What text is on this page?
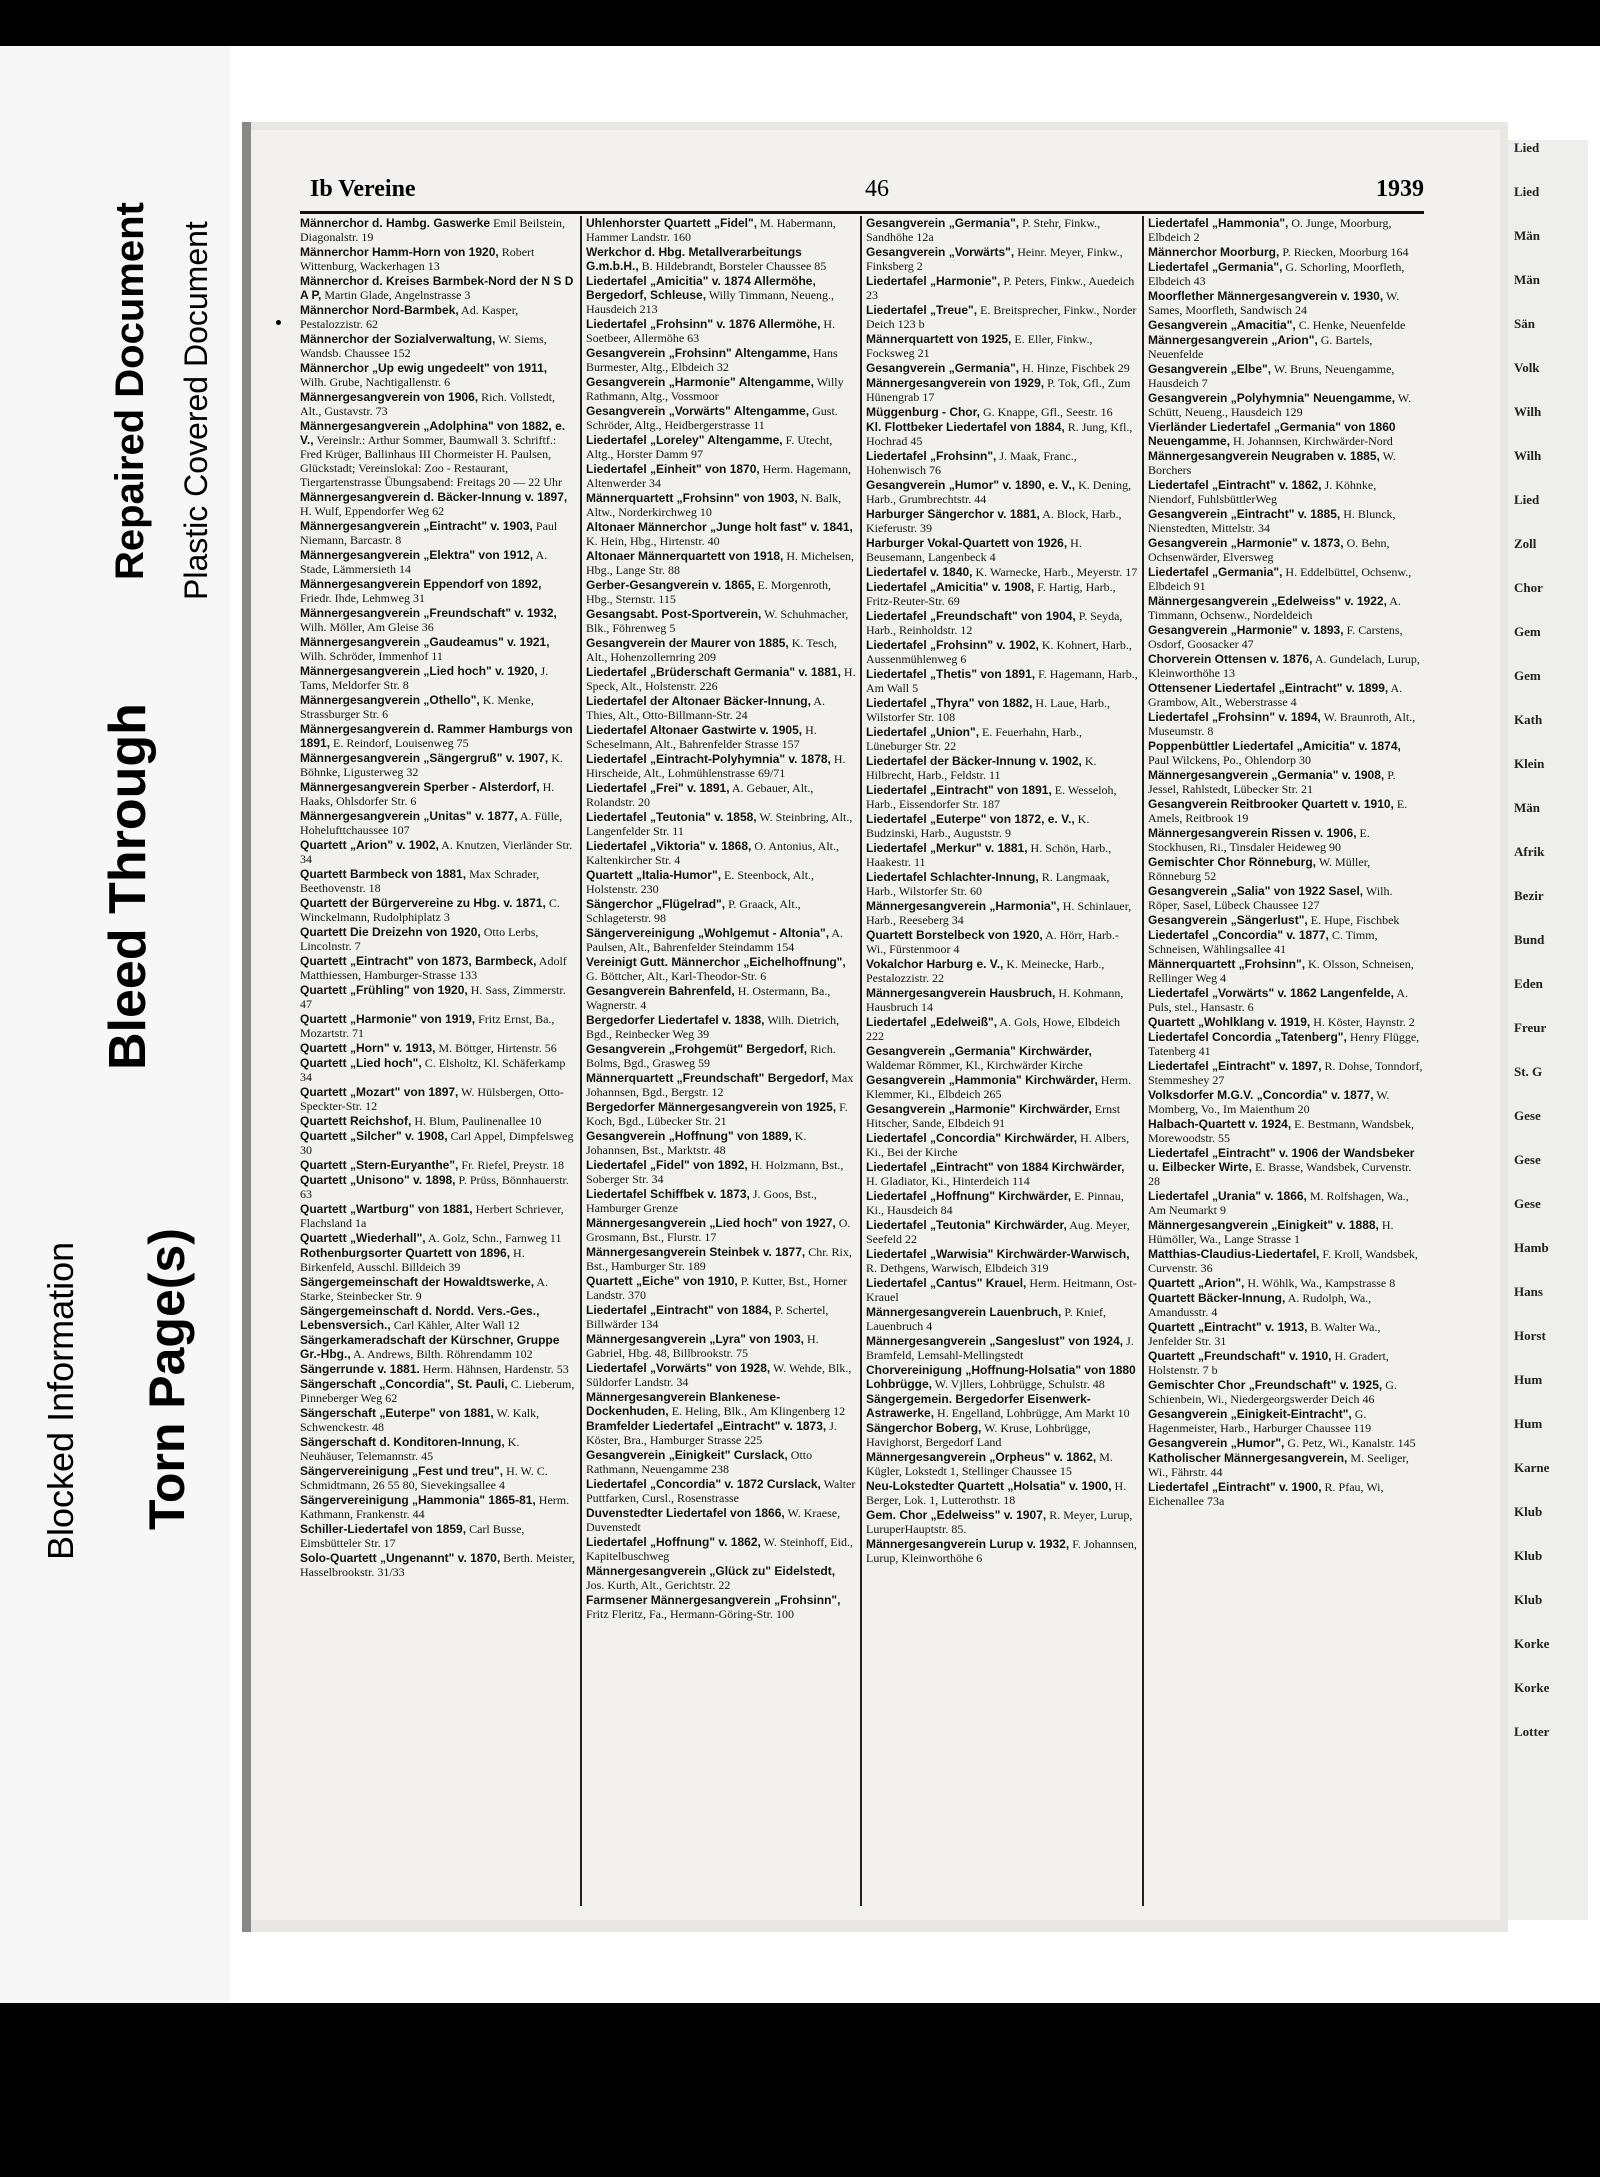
Blocked Information
Bleed Through
Torn Page(s)
Repaired Document Plastic Covered Document
Lied
Lied
Män
Män
Sän
Volk
Wilh
Wilh
Lied
Zoll
Chor
Gem
Gem
Kath
Klein
Män
Afrik
Bezir
Bund
Eden
Freur
St. G
Gese
Gese
Gese
Hamb
Hans
Horst
Hum
Hum
Karne
Klub
Klub
Klub
Korke
Korke
Lotter
Ib Vereine	46	1939
Männerchor d. Hambg. Gaswerke Emil Beilstein, Diagonalstr. 19
Männerchor Hamm-Horn von 1920, Robert Wittenburg, Wackerhagen 13
Männerchor d. Kreises Barmbek-Nord der N S D A P, Martin Glade, Angelnstrasse 3
Männerchor Nord-Barmbek, Ad. Kasper, Pestalozzistr. 62
Männerchor der Sozialverwaltung, W. Siems, Wandsb. Chaussee 152
Männerchor „Up ewig ungedeelt" von 1911, Wilh. Grube, Nachtigallenstr. 6
Männergesangverein von 1906, Rich. Vollstedt, Alt., Gustavstr. 73
Männergesangverein „Adolphina" von 1882, e. V., Vereinslr.: Arthur Sommer, Baumwall 3. Schriftf.: Fred Krüger, Ballinhaus III Chormeister H. Paulsen, Glückstadt; Vereinslokal: Zoo - Restaurant, Tiergartenstrasse Übungsabend: Freitags 20 — 22 Uhr
Männergesangverein d. Bäcker-Innung v. 1897, H. Wulf, Eppendorfer Weg 62
Männergesangverein „Eintracht" v. 1903, Paul Niemann, Barcastr. 8
Männergesangverein „Elektra" von 1912, A. Stade, Lämmersieth 14
Männergesangverein Eppendorf von 1892, Friedr. Ihde, Lehmweg 31
Männergesangverein „Freundschaft" v. 1932, Wilh. Möller, Am Gleise 36
Männergesangverein „Gaudeamus" v. 1921, Wilh. Schröder, Immenhof 11
Männergesangverein „Lied hoch" v. 1920, J. Tams, Meldorfer Str. 8
Männergesangverein „Othello", K. Menke, Strassburger Str. 6
Männergesangverein d. Rammer Hamburgs von 1891, E. Reindorf, Louisenweg 75
Männergesangverein „Sängergruß" v. 1907, K. Böhnke, Ligusterweg 32
Männergesangverein Sperber - Alsterdorf, H. Haaks, Ohlsdorfer Str. 6
Männergesangverein „Unitas" v. 1877, A. Fülle, Hohelufttchaussee 107
Quartett „Arion" v. 1902, A. Knutzen, Vierländer Str. 34
Quartett Barmbeck von 1881, Max Schrader, Beethovenstr. 18
Quartett der Bürgervereine zu Hbg. v. 1871, C. Winckelmann, Rudolphiplatz 3
Quartett Die Dreizehn von 1920, Otto Lerbs, Lincolnstr. 7
Quartett „Eintracht" von 1873, Barmbeck, Adolf Matthiessen, Hamburger-Strasse 133
Quartett „Frühling" von 1920, H. Sass, Zimmerstr. 47
Quartett „Harmonie" von 1919, Fritz Ernst, Ba., Mozartstr. 71
Quartett „Horn" v. 1913, M. Böttger, Hirtenstr. 56
Quartett „Lied hoch", C. Elsholtz, Kl. Schäferkamp 34
Quartett „Mozart" von 1897, W. Hülsbergen, Otto-Speckter-Str. 12
Quartett Reichshof, H. Blum, Paulinenallee 10
Quartett „Silcher" v. 1908, Carl Appel, Dimpfelsweg 30
Quartett „Stern-Euryanthe", Fr. Riefel, Preystr. 18
Quartett „Unisono" v. 1898, P. Prüss, Bönnhauerstr. 63
Quartett „Wartburg" von 1881, Herbert Schriever, Flachsland 1a
Quartett „Wiederhall", A. Golz, Schn., Farnweg 11
Rothenburgsorter Quartett von 1896, H. Birkenfeld, Ausschl. Billdeich 39
Sängergemeinschaft der Howaldtswerke, A. Starke, Steinbecker Str. 9
Sängergemeinschaft d. Nordd. Vers.-Ges., Lebensversich., Carl Kähler, Alter Wall 12
Sängerkameradschaft der Kürschner, Gruppe Gr.-Hbg., A. Andrews, Bilth. Röhrendamm 102
Sängerrunde v. 1881. Herm. Hähnsen, Hardenstr. 53
Sängerschaft „Concordia", St. Pauli, C. Lieberum, Pinneberger Weg 62
Sängerschaft „Euterpe" von 1881, W. Kalk, Schwenckestr. 48
Sängerschaft d. Konditoren-Innung, K. Neuhäuser, Telemannstr. 45
Sängervereinigung „Fest und treu", H. W. C. Schmidtmann, 26 55 80, Sievekingsallee 4
Sängervereinigung „Hammonia" 1865-81, Herm. Kathmann, Frankenstr. 44
Schiller-Liedertafel von 1859, Carl Busse, Eimsbütteler Str. 17
Solo-Quartett „Ungenannt" v. 1870, Berth. Meister, Hasselbrookstr. 31/33
Uhlenhorster Quartett „Fidel", M. Habermann, Hammer Landstr. 160
Werkchor d. Hbg. Metallverarbeitungs G.m.b.H., B. Hildebrandt, Borsteler Chaussee 85
Liedertafel „Amicitia" v. 1874 Allermöhe, Bergedorf, Schleuse, Willy Timmann, Neueng., Hausdeich 213
Liedertafel „Frohsinn" v. 1876 Allermöhe, H. Soetbeer, Allermöhe 63
Gesangverein „Frohsinn" Altengamme, Hans Burmester, Altg., Elbdeich 32
Gesangverein „Harmonie" Altengamme, Willy Rathmann, Altg., Vossmoor
Gesangverein „Vorwärts" Altengamme, Gust. Schröder, Altg., Heidbergerstrasse 11
Liedertafel „Loreley" Altengamme, F. Utecht, Altg., Horster Damm 97
Liedertafel „Einheit" von 1870, Herm. Hagemann, Altenwerder 34
Männerquartett „Frohsinn" von 1903, N. Balk, Altw., Norderkirchweg 10
Altonaer Männerchor „Junge holt fast" v. 1841, K. Hein, Hbg., Hirtenstr. 40
Altonaer Männerquartett von 1918, H. Michelsen, Hbg., Lange Str. 88
Gerber-Gesangverein v. 1865, E. Morgenroth, Hbg., Sternstr. 115
Gesangsabt. Post-Sportverein, W. Schuhmacher, Blk., Föhrenweg 5
Gesangverein der Maurer von 1885, K. Tesch, Alt., Hohenzollernring 209
Liedertafel „Brüderschaft Germania" v. 1881, H. Speck, Alt., Holstenstr. 226
Liedertafel der Altonaer Bäcker-Innung, A. Thies, Alt., Otto-Billmann-Str. 24
Liedertafel Altonaer Gastwirte v. 1905, H. Scheselmann, Alt., Bahrenfelder Strasse 157
Liedertafel „Eintracht-Polyhymnia" v. 1878, H. Hirscheide, Alt., Lohmühlenstrasse 69/71
Liedertafel „Frei" v. 1891, A. Gebauer, Alt., Rolandstr. 20
Liedertafel „Teutonia" v. 1858, W. Steinbring, Alt., Langenfelder Str. 11
Liedertafel „Viktoria" v. 1868, O. Antonius, Alt., Kaltenkircher Str. 4
Quartett „Italia-Humor", E. Steenbock, Alt., Holstenstr. 230
Sängerchor „Flügelrad", P. Graack, Alt., Schlageterstr. 98
Sängervereinigung „Wohlgemut - Altonia", A. Paulsen, Alt., Bahrenfelder Steindamm 154
Vereinigt Gutt. Männerchor „Eichelhoffnung", G. Böttcher, Alt., Karl-Theodor-Str. 6
Gesangverein Bahrenfeld, H. Ostermann, Ba., Wagnerstr. 4
Bergedorfer Liedertafel v. 1838, Wilh. Dietrich, Bgd., Reinbecker Weg 39
Gesangverein „Frohgemüt" Bergedorf, Rich. Bolms, Bgd., Grasweg 59
Männerquartett „Freundschaft" Bergedorf, Max Johannsen, Bgd., Bergstr. 12
Bergedorfer Männergesangverein von 1925, F. Koch, Bgd., Lübecker Str. 21
Gesangverein „Hoffnung" von 1889, K. Johannsen, Bst., Marktstr. 48
Liedertafel „Fidel" von 1892, H. Holzmann, Bst., Soberger Str. 34
Liedertafel Schiffbek v. 1873, J. Goos, Bst., Hamburger Grenze
Männergesangverein „Lied hoch" von 1927, O. Grosmann, Bst., Flurstr. 17
Männergesangverein Steinbek v. 1877, Chr. Rix, Bst., Hamburger Str. 189
Quartett „Eiche" von 1910, P. Kutter, Bst., Horner Landstr. 370
Liedertafel „Eintracht" von 1884, P. Schertel, Billwärder 134
Männergesangverein „Lyra" von 1903, H. Gabriel, Hbg. 48, Billbrookstr. 75
Liedertafel „Vorwärts" von 1928, W. Wehde, Blk., Süldorfer Landstr. 34
Männergesangverein Blankenese-Dockenhuden, E. Heling, Blk., Am Klingenberg 12
Bramfelder Liedertafel „Eintracht" v. 1873, J. Köster, Bra., Hamburger Strasse 225
Gesangverein „Einigkeit" Curslack, Otto Rathmann, Neuengamme 238
Liedertafel „Concordia" v. 1872 Curslack, Walter Puttfarken, Cursl., Rosenstrasse
Duvenstedter Liedertafel von 1866, W. Kraese, Duvenstedt
Liedertafel „Hoffnung" v. 1862, W. Steinhoff, Eid., Kapitelbuschweg
Männergesangverein „Glück zu" Eidelstedt, Jos. Kurth, Alt., Gerichtstr. 22
Farmsener Männergesangverein „Frohsinn", Fritz Fleritz, Fa., Hermann-Göring-Str. 100
Gesangverein „Germania", P. Stehr, Finkw., Sandhöhe 12a
Gesangverein „Vorwärts", Heinr. Meyer, Finkw., Finksberg 2
Liedertafel „Harmonie", P. Peters, Finkw., Auedeich 23
Liedertafel „Treue", E. Breitsprecher, Finkw., Norder Deich 123 b
Männerquartett von 1925, E. Eller, Finkw., Focksweg 21
Gesangverein „Germania", H. Hinze, Fischbek 29
Männergesangverein von 1929, P. Tok, Gfl., Zum Hünengrab 17
Müggenburg - Chor, G. Knappe, Gfl., Seestr. 16
Kl. Flottbeker Liedertafel von 1884, R. Jung, Kfl., Hochrad 45
Liedertafel „Frohsinn", J. Maak, Franc., Hohenwisch 76
Gesangverein „Humor" v. 1890, e. V., K. Dening, Harb., Grumbrechtstr. 44
Harburger Sängerchor v. 1881, A. Block, Harb., Kieferustr. 39
Harburger Vokal-Quartett von 1926, H. Beusemann, Langenbeck 4
Liedertafel v. 1840, K. Warnecke, Harb., Meyerstr. 17
Liedertafel „Amicitia" v. 1908, F. Hartig, Harb., Fritz-Reuter-Str. 69
Liedertafel „Freundschaft" von 1904, P. Seyda, Harb., Reinholdstr. 12
Liedertafel „Frohsinn" v. 1902, K. Kohnert, Harb., Aussenmühlenweg 6
Liedertafel „Thetis" von 1891, F. Hagemann, Harb., Am Wall 5
Liedertafel „Thyra" von 1882, H. Laue, Harb., Wilstorfer Str. 108
Liedertafel „Union", E. Feuerhahn, Harb., Lüneburger Str. 22
Liedertafel der Bäcker-Innung v. 1902, K. Hilbrecht, Harb., Feldstr. 11
Liedertafel „Eintracht" von 1891, E. Wesseloh, Harb., Eissendorfer Str. 187
Liedertafel „Euterpe" von 1872, e. V., K. Budzinski, Harb., Auguststr. 9
Liedertafel „Merkur" v. 1881, H. Schön, Harb., Haakestr. 11
Liedertafel Schlachter-Innung, R. Langmaak, Harb., Wilstorfer Str. 60
Männergesangverein „Harmonia", H. Schinlauer, Harb., Reeseberg 34
Quartett Borstelbeck von 1920, A. Hörr, Harb.-Wi., Fürstenmoor 4
Vokalchor Harburg e. V., K. Meinecke, Harb., Pestalozzistr. 22
Männergesangverein Hausbruch, H. Kohmann, Hausbruch 14
Liedertafel „Edelweiß", A. Gols, Howe, Elbdeich 222
Gesangverein „Germania" Kirchwärder, Waldemar Römmer, Kl., Kirchwärder Kirche
Gesangverein „Hammonia" Kirchwärder, Herm. Klemmer, Ki., Elbdeich 265
Gesangverein „Harmonie" Kirchwärder, Ernst Hitscher, Sande, Elbdeich 91
Liedertafel „Concordia" Kirchwärder, H. Albers, Ki., Bei der Kirche
Liedertafel „Eintracht" von 1884 Kirchwärder, H. Gladiator, Ki., Hinterdeich 114
Liedertafel „Hoffnung" Kirchwärder, E. Pinnau, Ki., Hausdeich 84
Liedertafel „Teutonia" Kirchwärder, Aug. Meyer, Seefeld 22
Liedertafel „Warwisia" Kirchwärder-Warwisch, R. Dethgens, Warwisch, Elbdeich 319
Liedertafel „Cantus" Krauel, Herm. Heitmann, Ost-Krauel
Männergesangverein Lauenbruch, P. Knief, Lauenbruch 4
Männergesangverein „Sangeslust" von 1924, J. Bramfeld, Lemsahl-Mellingstedt
Chorvereinigung „Hoffnung-Holsatia" von 1880 Lohbrügge, W. Vjllers, Lohbrügge, Schulstr. 48
Sängergemein. Bergedorfer Eisenwerk-Astrawerke, H. Engelland, Lohbrügge, Am Markt 10
Sängerchor Boberg, W. Kruse, Lohbrügge, Havighorst, Bergedorf Land
Männergesangverein „Orpheus" v. 1862, M. Kügler, Lokstedt 1, Stellinger Chaussee 15
Neu-Lokstedter Quartett „Holsatia" v. 1900, H. Berger, Lok. 1, Lutterothstr. 18
Gem. Chor „Edelweiss" v. 1907, R. Meyer, Lurup, LuruperHauptstr. 85.
Männergesangverein Lurup v. 1932, F. Johannsen, Lurup, Kleinworthöhe 6
Liedertafel „Hammonia", O. Junge, Moorburg, Elbdeich 2
Männerchor Moorburg, P. Riecken, Moorburg 164
Liedertafel „Germania", G. Schorling, Moorfleth, Elbdeich 43
Moorflether Männergesangverein v. 1930, W. Sames, Moorfleth, Sandwisch 24
Gesangverein „Amacitia", C. Henke, Neuenfelde
Männergesangverein „Arion", G. Bartels, Neuenfelde
Gesangverein „Elbe", W. Bruns, Neuengamme, Hausdeich 7
Gesangverein „Polyhymnia" Neuengamme, W. Schütt, Neueng., Hausdeich 129
Vierländer Liedertafel „Germania" von 1860 Neuengamme, H. Johannsen, Kirchwärder-Nord
Männergesangverein Neugraben v. 1885, W. Borchers
Liedertafel „Eintracht" v. 1862, J. Köhnke, Niendorf, FuhlsbüttlerWeg
Gesangverein „Eintracht" v. 1885, H. Blunck, Nienstedten, Mittelstr. 34
Gesangverein „Harmonie" v. 1873, O. Behn, Ochsenwärder, Elversweg
Liedertafel „Germania", H. Eddelbüttel, Ochsenw., Elbdeich 91
Männergesangverein „Edelweiss" v. 1922, A. Timmann, Ochsenw., Nordeldeich
Gesangverein „Harmonie" v. 1893, F. Carstens, Osdorf, Goosacker 47
Chorverein Ottensen v. 1876, A. Gundelach, Lurup, Kleinworthöhe 13
Ottensener Liedertafel „Eintracht" v. 1899, A. Grambow, Alt., Weberstrasse 4
Liedertafel „Frohsinn" v. 1894, W. Braunroth, Alt., Museumstr. 8
Poppenbüttler Liedertafel „Amicitia" v. 1874, Paul Wilckens, Po., Ohlendorp 30
Männergesangverein „Germania" v. 1908, P. Jessel, Rahlstedt, Lübecker Str. 21
Gesangverein Reitbrooker Quartett v. 1910, E. Amels, Reitbrook 19
Männergesangverein Rissen v. 1906, E. Stockhusen, Ri., Tinsdaler Heideweg 90
Gemischter Chor Rönneburg, W. Müller, Rönneburg 52
Gesangverein „Salia" von 1922 Sasel, Wilh. Röper, Sasel, Lübeck Chaussee 127
Gesangverein „Sängerlust", E. Hupe, Fischbek
Liedertafel „Concordia" v. 1877, C. Timm, Schneisen, Wählingsallee 41
Männerquartett „Frohsinn", K. Olsson, Schneisen, Rellinger Weg 4
Liedertafel „Vorwärts" v. 1862 Langenfelde, A. Puls, stel., Hansastr. 6
Quartett „Wohlklang v. 1919, H. Köster, Haynstr. 2
Liedertafel Concordia „Tatenberg", Henry Flügge, Tatenberg 41
Liedertafel „Eintracht" v. 1897, R. Dohse, Tonndorf, Stemmeshey 27
Volksdorfer M.G.V. „Concordia" v. 1877, W. Momberg, Vo., Im Maienthum 20
Halbach-Quartett v. 1924, E. Bestmann, Wandsbek, Morewoodstr. 55
Liedertafel „Eintracht" v. 1906 der Wandsbeker u. Eilbecker Wirte, E. Brasse, Wandsbek, Curvenstr. 28
Liedertafel „Urania" v. 1866, M. Rolfshagen, Wa., Am Neumarkt 9
Männergesangverein „Einigkeit" v. 1888, H. Hümöller, Wa., Lange Strasse 1
Matthias-Claudius-Liedertafel, F. Kroll, Wandsbek, Curvenstr. 36
Quartett „Arion", H. Wöhlk, Wa., Kampstrasse 8
Quartett Bäcker-Innung, A. Rudolph, Wa., Amandusstr. 4
Quartett „Eintracht" v. 1913, B. Walter Wa., Jenfelder Str. 31
Quartett „Freundschaft" v. 1910, H. Gradert, Holstenstr. 7 b
Gemischter Chor „Freundschaft" v. 1925, G. Schienbein, Wi., Niedergeorgswerder Deich 46
Gesangverein „Einigkeit-Eintracht", G. Hagenmeister, Harb., Harburger Chaussee 119
Gesangverein „Humor", G. Petz, Wi., Kanalstr. 145
Katholischer Männergesangverein, M. Seeliger, Wi., Fährstr. 44
Liedertafel „Eintracht" v. 1900, R. Pfau, Wi, Eichenallee 73a
